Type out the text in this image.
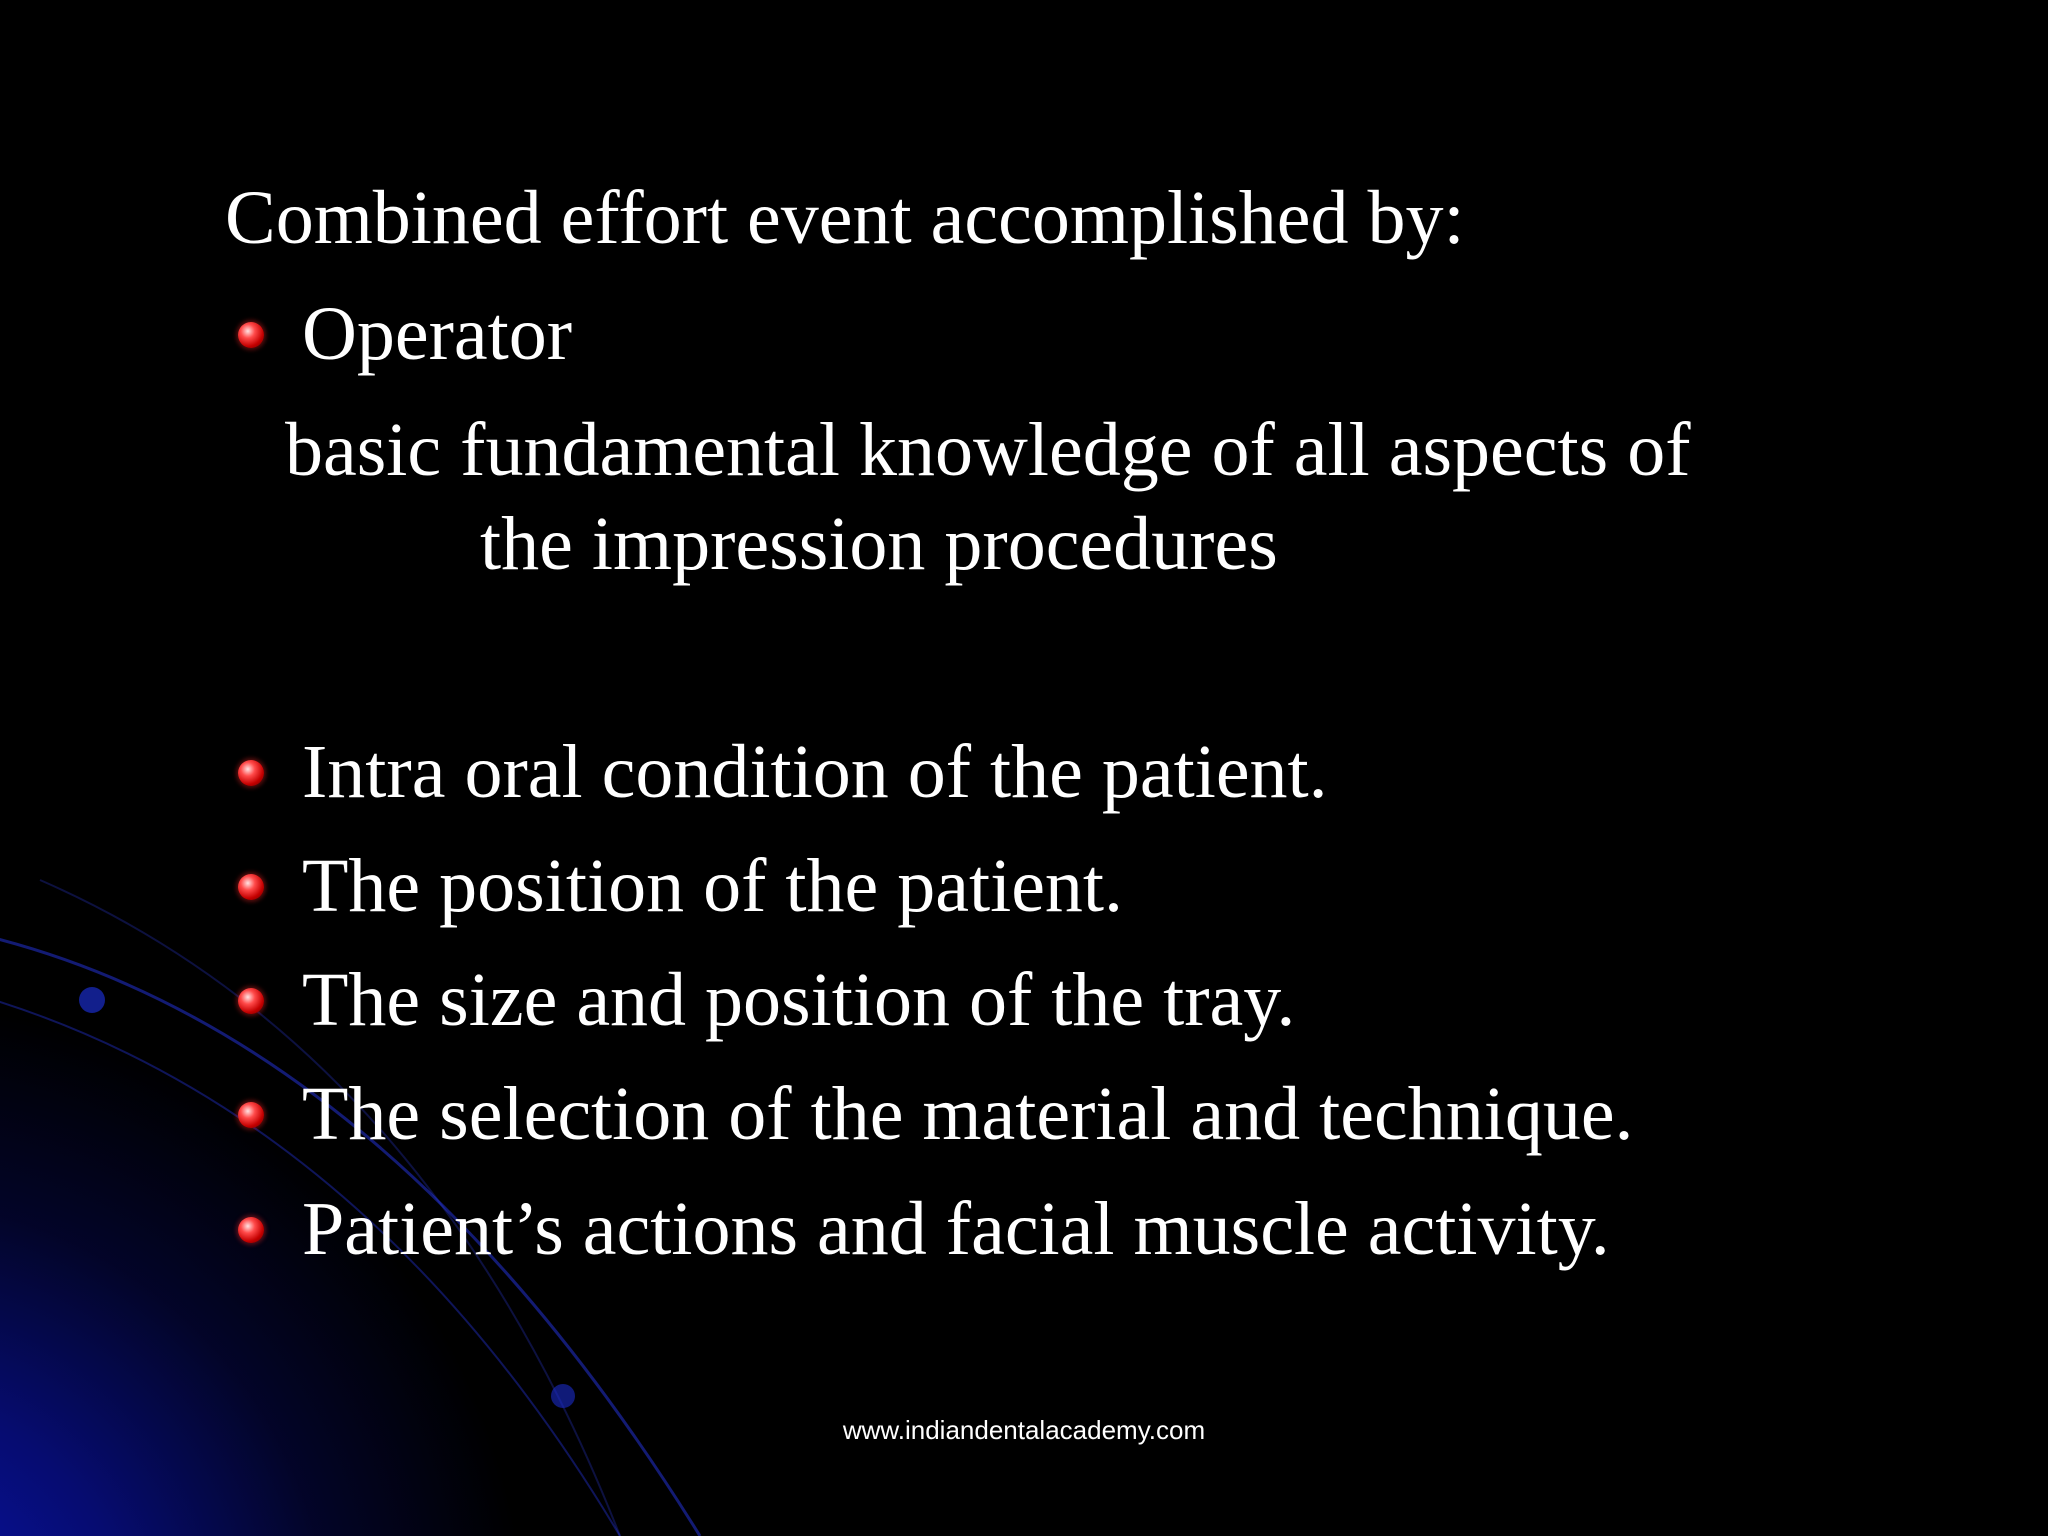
Combined effort event accomplished by:
Operator
basic fundamental knowledge of all aspects of
the impression procedures
Intra oral condition of the patient.
The position of the patient.
The size and position of the tray.
The selection of the material and technique.
Patient’s actions and facial muscle activity.
www.indiandentalacademy.com
